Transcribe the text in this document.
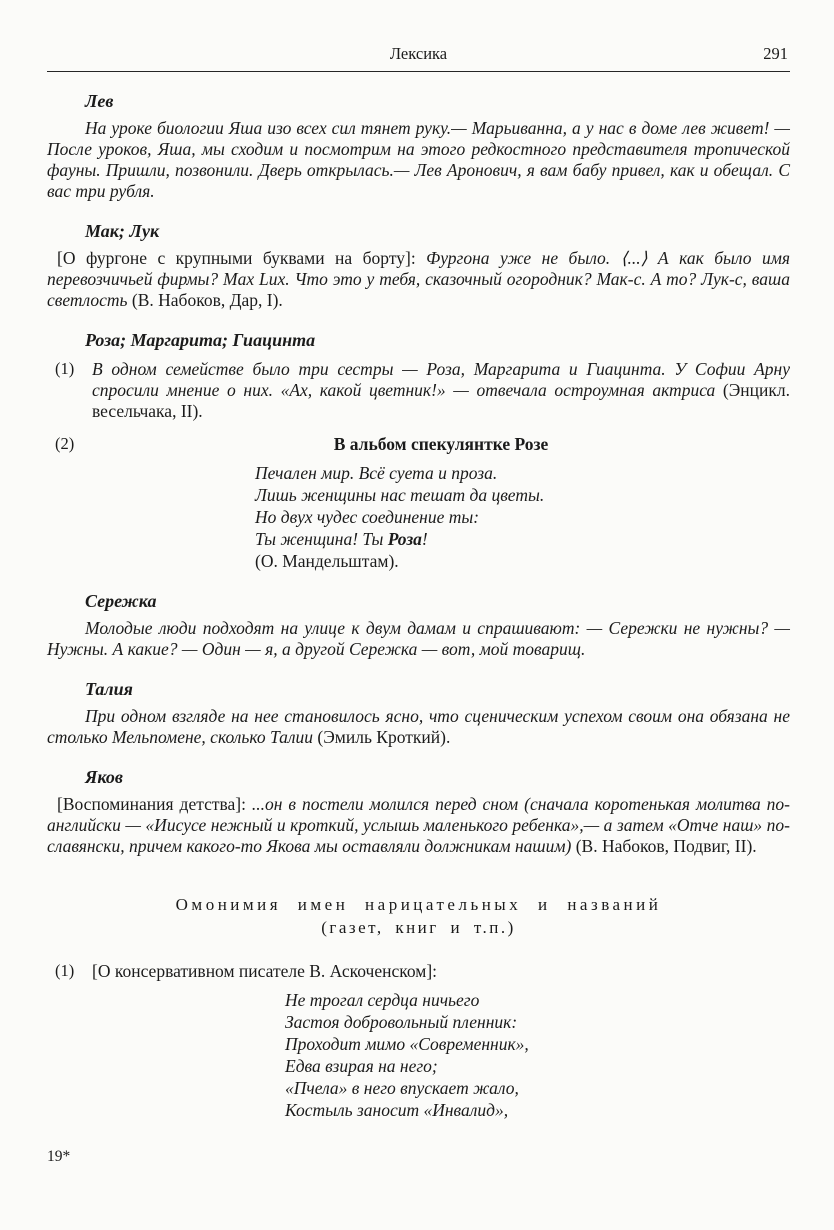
Лексика	291
Лев

На уроке биологии Яша изо всех сил тянет руку.— Марьиванна, а у нас в доме лев живет! — После уроков, Яша, мы сходим и посмотрим на этого редкостного представителя тропической фауны. Пришли, позвонили. Дверь открылась.— Лев Аронович, я вам бабу привел, как и обещал. С вас три рубля.

Мак; Лук

[О фургоне с крупными буквами на борту]: Фургона уже не было. ⟨...⟩ А как было имя перевозчичьей фирмы? Max Lux. Что это у тебя, сказочный огородник? Мак-с. А то? Лук-с, ваша светлость (В. Набоков, Дар, I).

Роза; Маргарита; Гиацинта
(1) В одном семействе было три сестры — Роза, Маргарита и Гиацинта. У Софии Арну спросили мнение о них. «Ах, какой цветник!» — отвечала остроумная актриса (Энцикл. весельчака, II).

(2)	В альбом спекулянтке Розе
Печален мир. Всё суета и проза.
Лишь женщины нас тешат да цветы.
Но двух чудес соединение ты:
Ты женщина! Ты Роза!
(О. Мандельштам).
Сережка

Молодые люди подходят на улице к двум дамам и спрашивают: — Сережки не нужны? — Нужны. А какие? — Один — я, а другой Сережка — вот, мой товарищ.

Талия

При одном взгляде на нее становилось ясно, что сценическим успехом своим она обязана не столько Мельпомене, сколько Талии (Эмиль Кроткий).

Яков

[Воспоминания детства]: ...он в постели молился перед сном (сначала коротенькая молитва по-английски — «Иисусе нежный и кроткий, услышь маленького ребенка»,— а затем «Отче наш» по-славянски, причем какого-то Якова мы оставляли должникам нашим) (В. Набоков, Подвиг, II).

Омонимия имен нарицательных и названий
(газет, книг и т.п.)
(1) [О консервативном писателе В. Аскоченском]:
Не трогал сердца ничьего
Застоя добровольный пленник:
Проходит мимо «Современник»,
Едва взирая на него;
«Пчела» в него впускает жало,
Костыль заносит «Инвалид»,
19*
